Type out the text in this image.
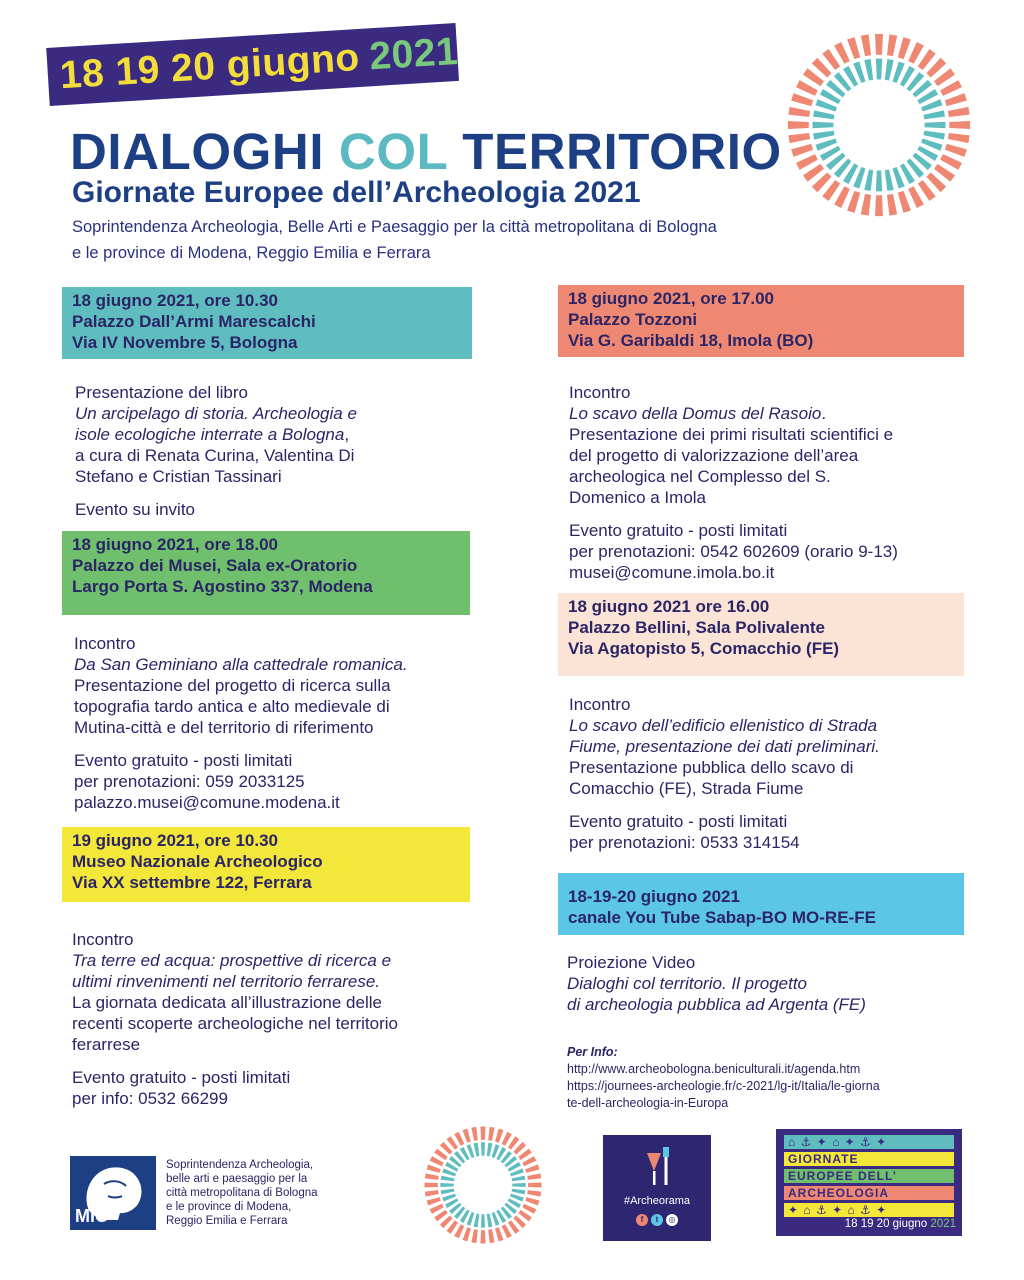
18 19 20 giugno 2021
DIALOGHI COL TERRITORIO
Giornate Europee dell’Archeologia 2021
Soprintendenza Archeologia, Belle Arti e Paesaggio per la città metropolitana di Bologna
e le province di Modena, Reggio Emilia e Ferrara
18 giugno 2021, ore 10.30
Palazzo Dall’Armi Marescalchi
Via IV Novembre 5, Bologna
Presentazione del libro
Un arcipelago di storia. Archeologia e
isole ecologiche interrate a Bologna,
a cura di Renata Curina, Valentina Di
Stefano e Cristian Tassinari
Evento su invito
18 giugno 2021, ore 18.00
Palazzo dei Musei, Sala ex-Oratorio
Largo Porta S. Agostino 337, Modena
Incontro
Da San Geminiano alla cattedrale romanica.
Presentazione del progetto di ricerca sulla
topografia tardo antica e alto medievale di
Mutina-città e del territorio di riferimento
Evento gratuito - posti limitati
per prenotazioni: 059 2033125
palazzo.musei@comune.modena.it
19 giugno 2021, ore 10.30
Museo Nazionale Archeologico
Via XX settembre 122, Ferrara
Incontro
Tra terre ed acqua: prospettive di ricerca e
ultimi rinvenimenti nel territorio ferrarese.
La giornata dedicata all’illustrazione delle
recenti scoperte archeologiche nel territorio
ferarrese
Evento gratuito - posti limitati
per info: 0532 66299
18 giugno 2021, ore 17.00
Palazzo Tozzoni
Via G. Garibaldi 18, Imola (BO)
Incontro
Lo scavo della Domus del Rasoio.
Presentazione dei primi risultati scientifici e
del progetto di valorizzazione dell’area
archeologica nel Complesso del S.
Domenico a Imola
Evento gratuito - posti limitati
per prenotazioni: 0542 602609 (orario 9-13)
musei@comune.imola.bo.it
18 giugno 2021 ore 16.00
Palazzo Bellini, Sala Polivalente
Via Agatopisto 5, Comacchio (FE)
Incontro
Lo scavo dell’edificio ellenistico di Strada
Fiume, presentazione dei dati preliminari.
Presentazione pubblica dello scavo di
Comacchio (FE), Strada Fiume
Evento gratuito - posti limitati
per prenotazioni: 0533 314154
18-19-20 giugno 2021
canale You Tube Sabap-BO MO-RE-FE
Proiezione Video
Dialoghi col territorio. Il progetto
di archeologia pubblica ad Argenta (FE)
Per Info:
http://www.archeobologna.beniculturali.it/agenda.htm
https://journees-archeologie.fr/c-2021/lg-it/Italia/le-giorna
te-dell-archeologia-in-Europa
MiC
Soprintendenza Archeologia,
belle arti e paesaggio per la
città metropolitana di Bologna
e le province di Modena,
Reggio Emilia e Ferrara
#Archeorama
f	t	◎
⌂ ⚓ ✦ ⌂ ✦ ⚓ ✦
GIORNATE
EUROPEE DELL’
ARCHEOLOGIA
✦ ⌂ ⚓ ✦ ⌂ ⚓ ✦
18 19 20 giugno 2021
